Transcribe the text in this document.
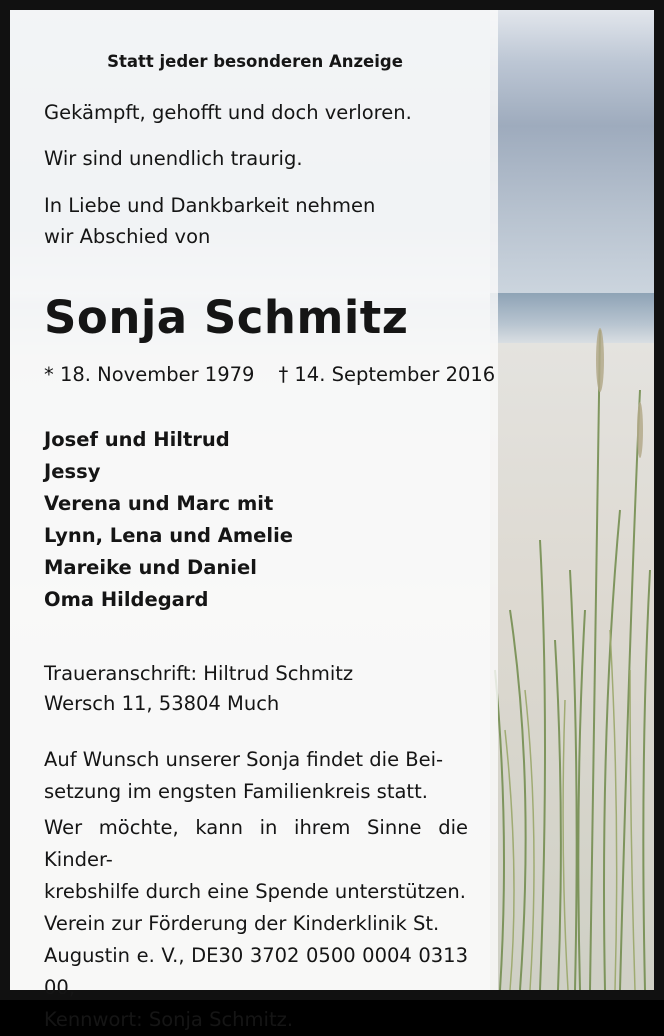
Statt jeder besonderen Anzeige
Gekämpft, gehofft und doch verloren.
Wir sind unendlich traurig.
In Liebe und Dankbarkeit nehmen
wir Abschied von
Sonja Schmitz
* 18. November 1979 † 14. September 2016
Josef und Hiltrud
Jessy
Verena und Marc mit
Lynn, Lena und Amelie
Mareike und Daniel
Oma Hildegard
Traueranschrift: Hiltrud Schmitz
Wersch 11, 53804 Much
Auf Wunsch unserer Sonja findet die Bei-
setzung im engsten Familienkreis statt.
Wer möchte, kann in ihrem Sinne die Kinder-
krebshilfe durch eine Spende unterstützen.
Verein zur Förderung der Kinderklinik St.
Augustin e. V., DE30 3702 0500 0004 0313 00,
Kennwort: Sonja Schmitz.
